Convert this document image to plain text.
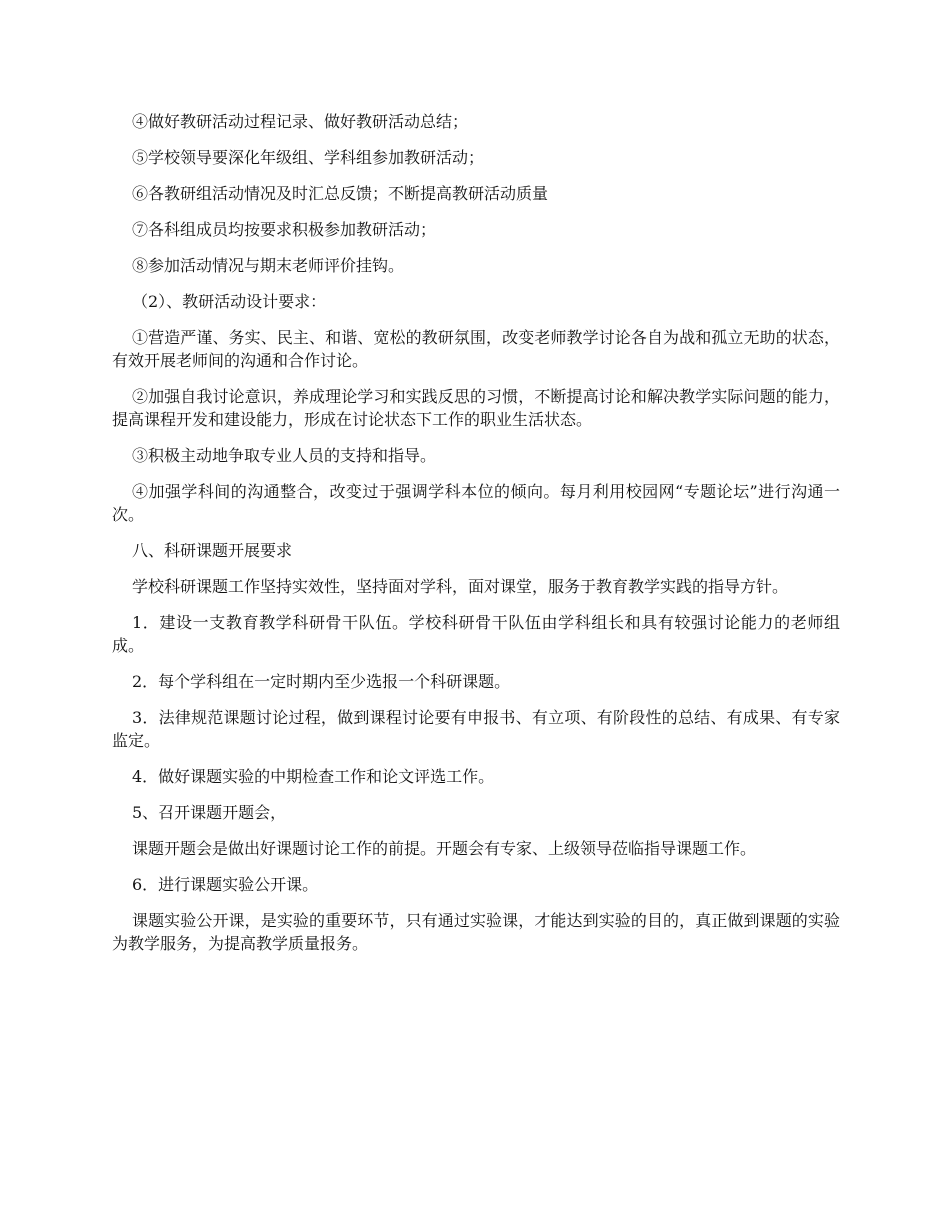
④做好教研活动过程记录、做好教研活动总结；

⑤学校领导要深化年级组、学科组参加教研活动；

⑥各教研组活动情况及时汇总反馈；不断提高教研活动质量

⑦各科组成员均按要求积极参加教研活动；

⑧参加活动情况与期末老师评价挂钩。

（2）、教研活动设计要求：

①营造严谨、务实、民主、和谐、宽松的教研氛围，改变老师教学讨论各自为战和孤立无助的状态，有效开展老师间的沟通和合作讨论。

②加强自我讨论意识，养成理论学习和实践反思的习惯，不断提高讨论和解决教学实际问题的能力，提高课程开发和建设能力，形成在讨论状态下工作的职业生活状态。

③积极主动地争取专业人员的支持和指导。

④加强学科间的沟通整合，改变过于强调学科本位的倾向。每月利用校园网“专题论坛”进行沟通一次。

八、科研课题开展要求

学校科研课题工作坚持实效性，坚持面对学科，面对课堂，服务于教育教学实践的指导方针。

1．建设一支教育教学科研骨干队伍。学校科研骨干队伍由学科组长和具有较强讨论能力的老师组成。

2．每个学科组在一定时期内至少选报一个科研课题。

3．法律规范课题讨论过程，做到课程讨论要有申报书、有立项、有阶段性的总结、有成果、有专家监定。

4．做好课题实验的中期检查工作和论文评选工作。

5、召开课题开题会，

课题开题会是做出好课题讨论工作的前提。开题会有专家、上级领导莅临指导课题工作。

6．进行课题实验公开课。

课题实验公开课，是实验的重要环节，只有通过实验课，才能达到实验的目的，真正做到课题的实验为教学服务，为提高教学质量报务。
